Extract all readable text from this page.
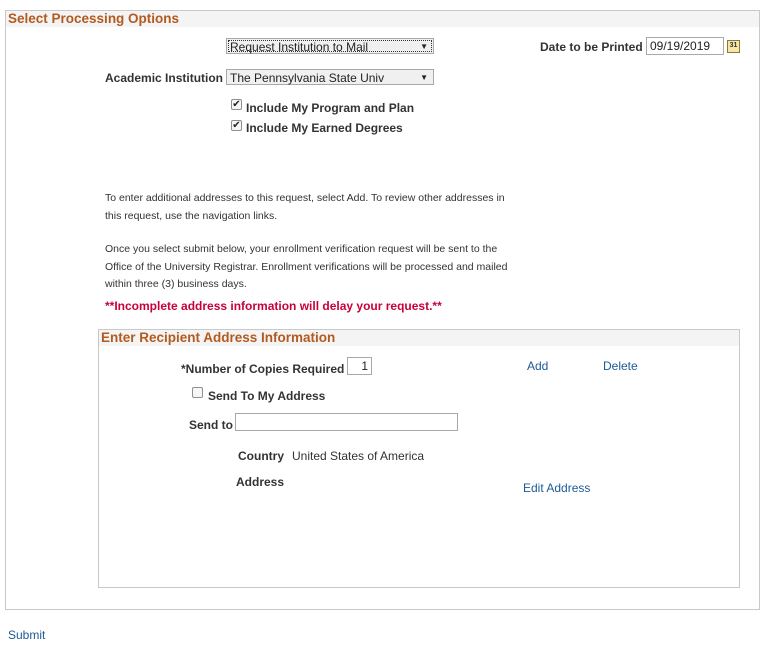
Select Processing Options
Request Institution to Mail	▼	Date to be Printed 09/19/2019	31
Academic Institution The Pennsylvania State Univ	▼
✔ Include My Program and Plan
✔ Include My Earned Degrees
To enter additional addresses to this request, select Add. To review other addresses in
this request, use the navigation links.
Once you select submit below, your enrollment verification request will be sent to the
Office of the University Registrar. Enrollment verifications will be processed and mailed
within three (3) business days.
**Incomplete address information will delay your request.**
Enter Recipient Address Information
*Number of Copies Required	1	Add	Delete
Send To My Address
Send to
Country United States of America
Address	Edit Address
Submit
